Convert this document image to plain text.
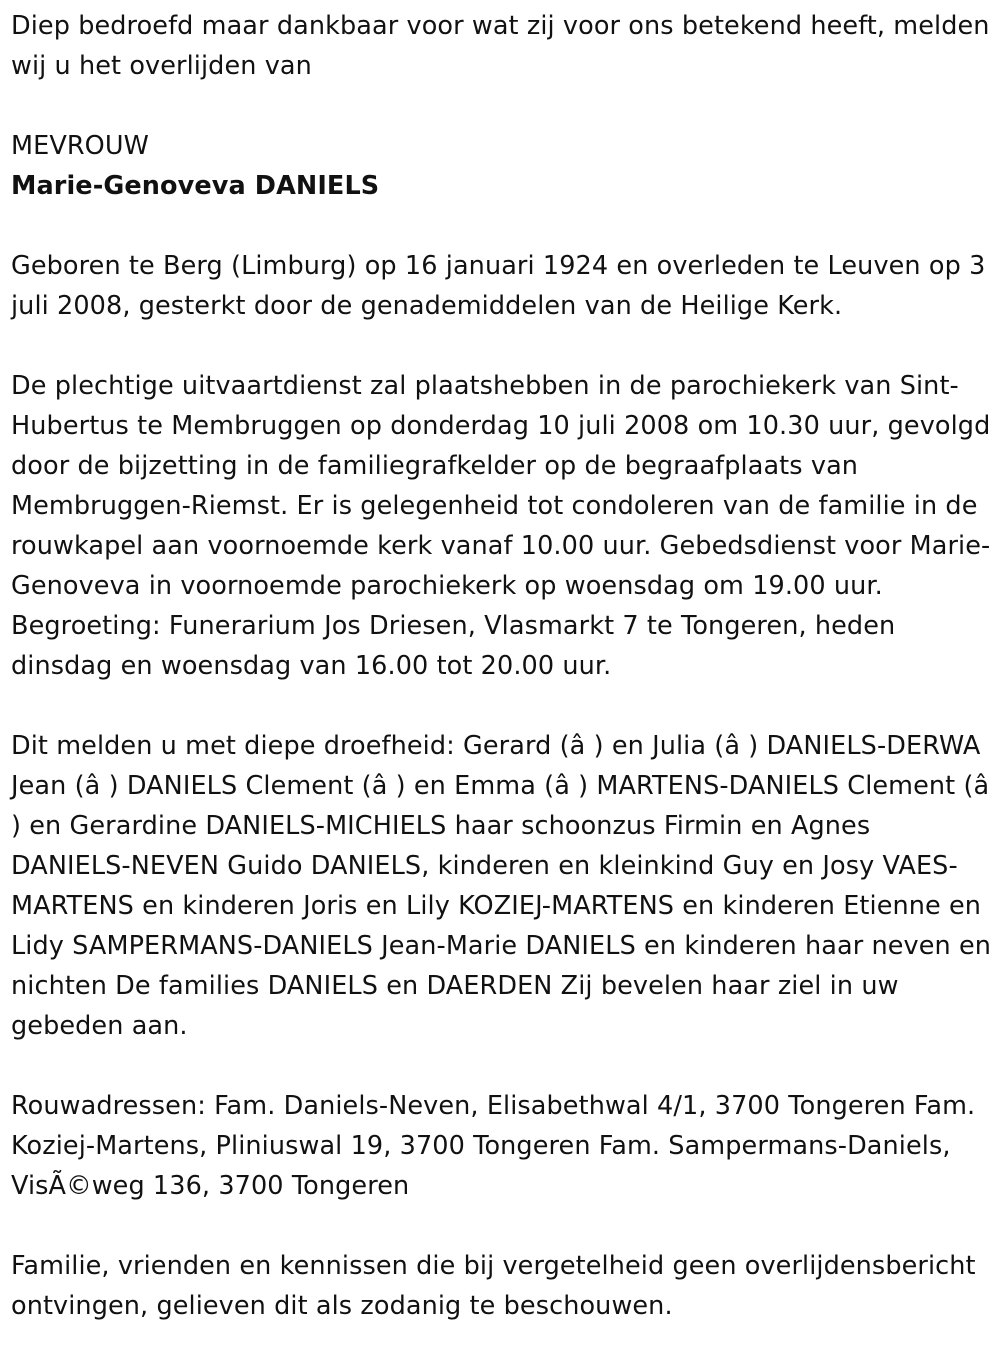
Diep bedroefd maar dankbaar voor wat zij voor ons betekend heeft, melden wij u het overlijden van

MEVROUW

Marie-Genoveva DANIELS

Geboren te Berg (Limburg) op 16 januari 1924 en overleden te Leuven op 3 juli 2008, gesterkt door de genademiddelen van de Heilige Kerk.

De plechtige uitvaartdienst zal plaatshebben in de parochiekerk van Sint-Hubertus te Membruggen op donderdag 10 juli 2008 om 10.30 uur, gevolgd door de bijzetting in de familiegrafkelder op de begraafplaats van Membruggen-Riemst. Er is gelegenheid tot condoleren van de familie in de rouwkapel aan voornoemde kerk vanaf 10.00 uur. Gebedsdienst voor Marie-Genoveva in voornoemde parochiekerk op woensdag om 19.00 uur. Begroeting: Funerarium Jos Driesen, Vlasmarkt 7 te Tongeren, heden dinsdag en woensdag van 16.00 tot 20.00 uur.

Dit melden u met diepe droefheid: Gerard (â ) en Julia (â ) DANIELS-DERWA Jean (â ) DANIELS Clement (â ) en Emma (â ) MARTENS-DANIELS Clement (â ) en Gerardine DANIELS-MICHIELS haar schoonzus Firmin en Agnes DANIELS-NEVEN Guido DANIELS, kinderen en kleinkind Guy en Josy VAES-MARTENS en kinderen Joris en Lily KOZIEJ-MARTENS en kinderen Etienne en Lidy SAMPERMANS-DANIELS Jean-Marie DANIELS en kinderen haar neven en nichten De families DANIELS en DAERDEN Zij bevelen haar ziel in uw gebeden aan.

Rouwadressen: Fam. Daniels-Neven, Elisabethwal 4/1, 3700 Tongeren Fam. Koziej-Martens, Pliniuswal 19, 3700 Tongeren Fam. Sampermans-Daniels, VisÃ©weg 136, 3700 Tongeren

Familie, vrienden en kennissen die bij vergetelheid geen overlijdensbericht ontvingen, gelieven dit als zodanig te beschouwen.
